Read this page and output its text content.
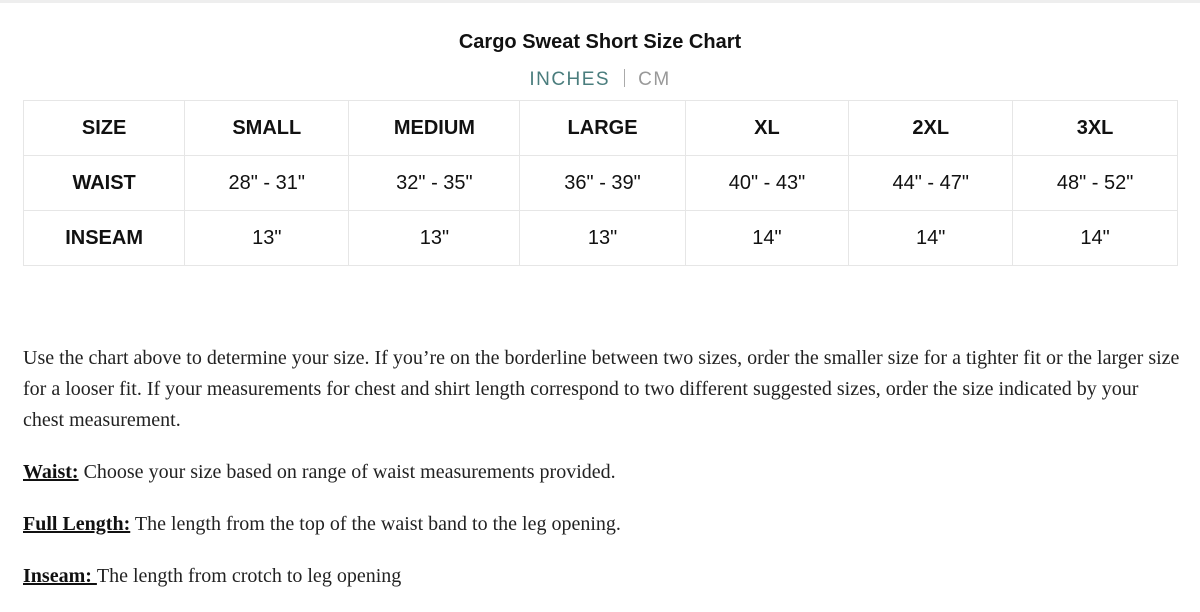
Cargo Sweat Short Size Chart
INCHES CM
SIZE	SMALL	MEDIUM	LARGE	XL	2XL	3XL
WAIST	28" - 31"	32" - 35"	36" - 39"	40" - 43"	44" - 47"	48" - 52"
INSEAM	13"	13"	13"	14"	14"	14"
Use the chart above to determine your size. If you’re on the borderline between two sizes, order the smaller size for a tighter fit or the larger size for a looser fit. If your measurements for chest and shirt length correspond to two different suggested sizes, order the size indicated by your chest measurement.
Waist: Choose your size based on range of waist measurements provided.
Full Length: The length from the top of the waist band to the leg opening.
Inseam: The length from crotch to leg opening
